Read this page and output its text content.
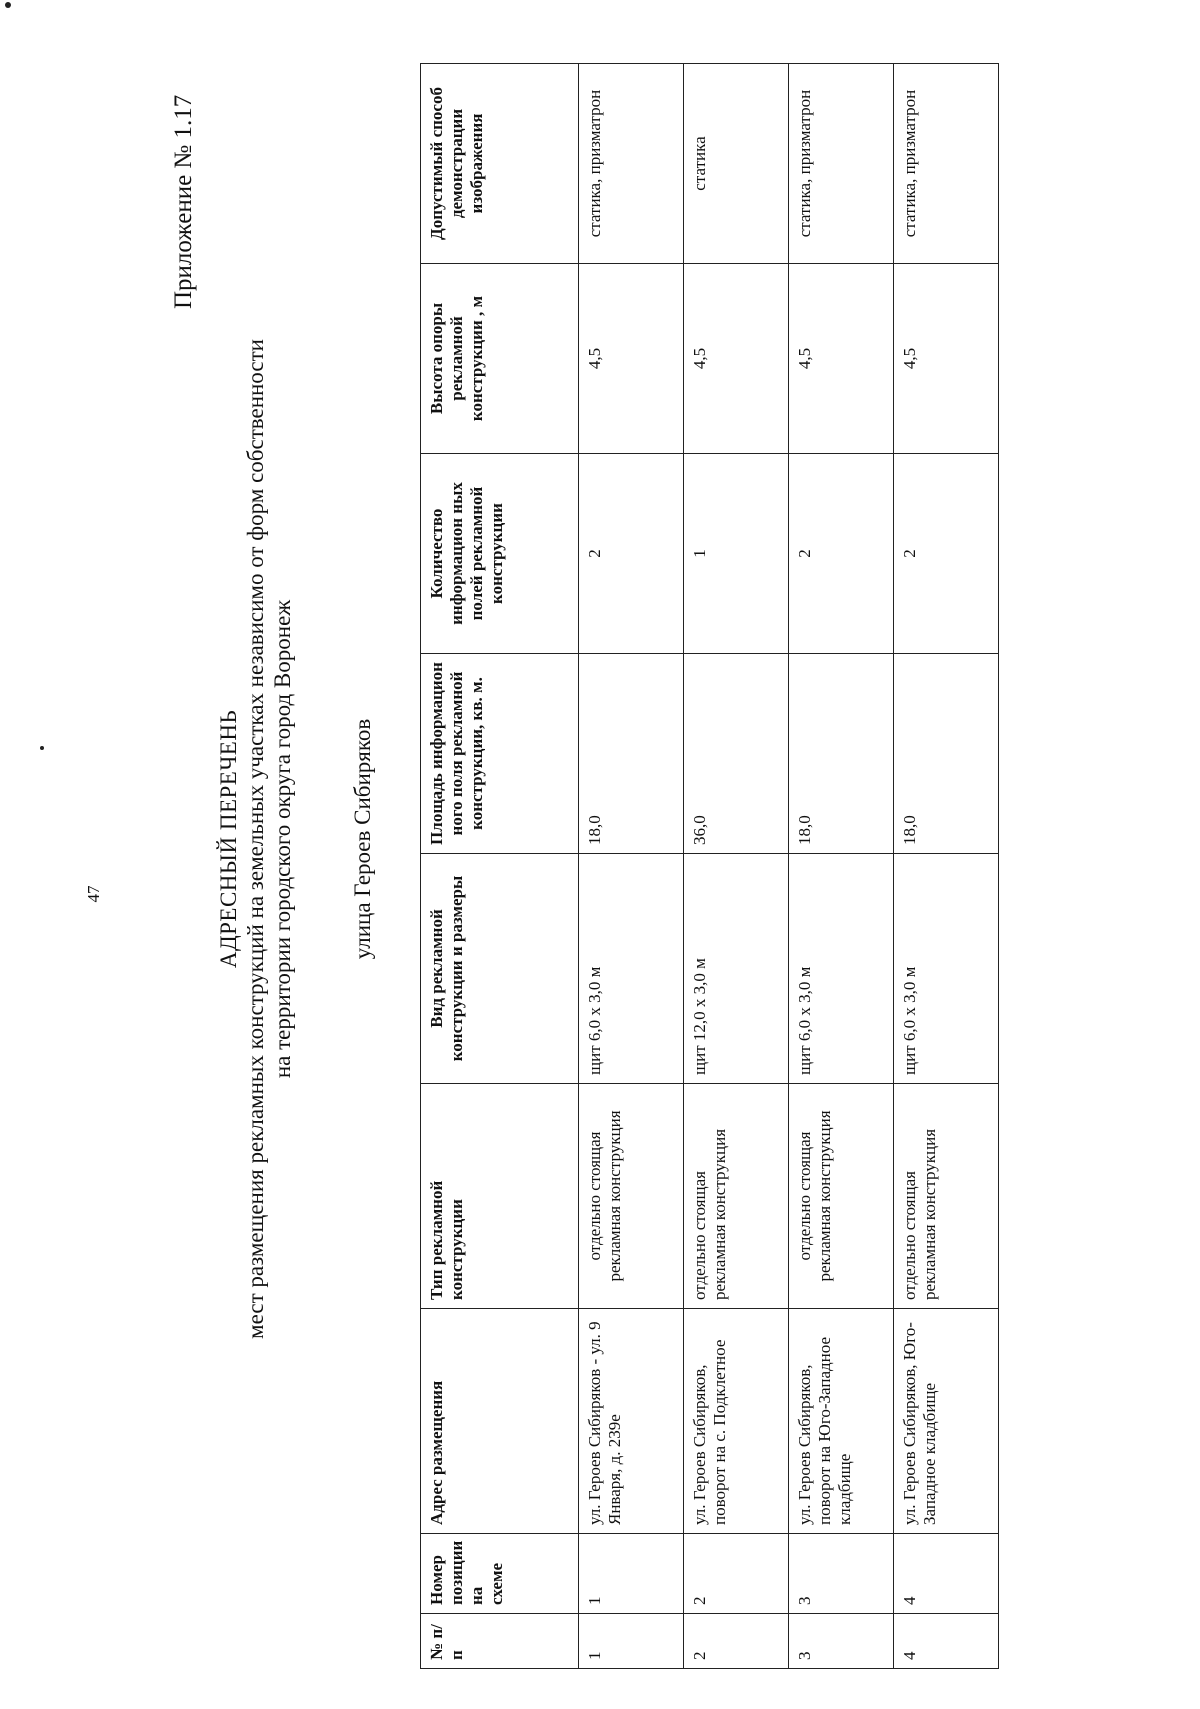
47
Приложение № 1.17
АДРЕСНЫЙ ПЕРЕЧЕНЬ мест размещения рекламных конструкций на земельных участках независимо от форм собственности на территории городского округа город Воронеж улица Героев Сибиряков
№ п/п	Номер позиции на схеме	Адрес размещения	Тип рекламной конструкции	Вид рекламной конструкции и размеры	Площадь информацион ного поля рекламной конструкции, кв. м.	Количество информацион ных полей рекламной конструкции	Высота опоры рекламной конструкции , м	Допустимый способ демонстрации изображения
1	1	ул. Героев Сибиряков - ул. 9 Января, д. 239е	отдельно стоящая рекламная конструкция	щит 6,0 х 3,0 м	18,0	2	4,5	статика, призматрон
2	2	ул. Героев Сибиряков, поворот на с. Подклетное	отдельно стоящая рекламная конструкция	щит 12,0 х 3,0 м	36,0	1	4,5	статика
3	3	ул. Героев Сибиряков, поворот на Юго-Западное кладбище	отдельно стоящая рекламная конструкция	щит 6,0 х 3,0 м	18,0	2	4,5	статика, призматрон
4	4	ул. Героев Сибиряков, Юго-Западное кладбище	отдельно стоящая рекламная конструкция	щит 6,0 х 3,0 м	18,0	2	4,5	статика, призматрон
